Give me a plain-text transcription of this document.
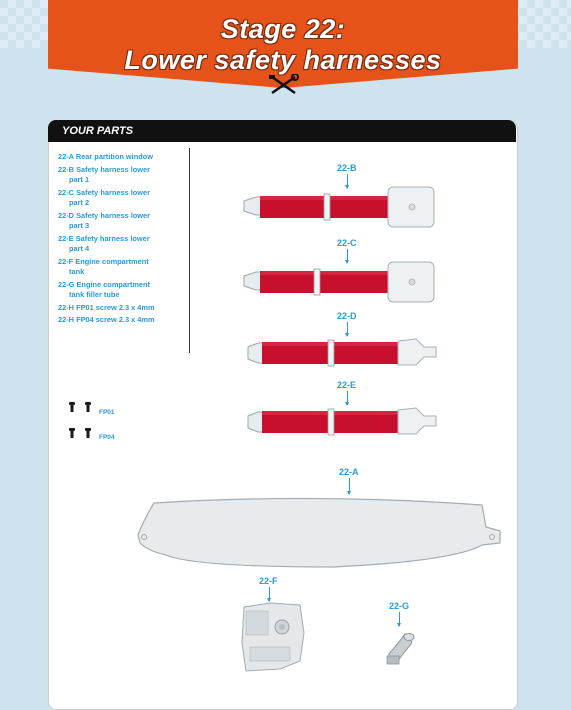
Stage 22:
Lower safety harnesses
YOUR PARTS
22-A Rear partition window
22-B Safety harness lower
part 1
22-C Safety harness lower
part 2
22-D Safety harness lower
part 3
22-E Safety harness lower
part 4
22-F Engine compartment
tank
22-G Engine compartment
tank filler tube
22-H FP01 screw 2.3 x 4mm
22-H FP04 screw 2.3 x 4mm
FP01
FP04
22-B
22-C
22-D
22-E
22-A
22-F
22-G
